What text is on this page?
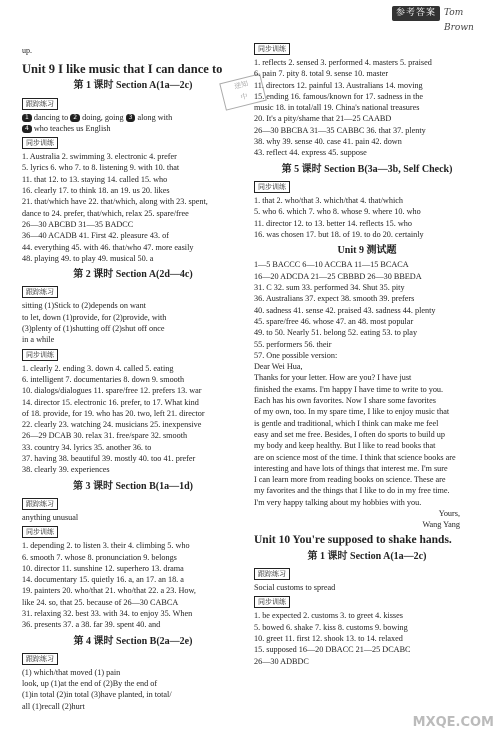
参考答案 Tom Brown
up.
逆知
中
Unit 9 I like music that I can dance to
第 1 课时 Section A(1a—2c)
跟踪练习
1 dancing to 2 doing, going 3 along with
4 who teaches us English
同步训练
1. Australia 2. swimming 3. electronic 4. prefer
5. lyrics 6. who 7. to 8. listening 9. with 10. that
11. that 12. to 13. staying 14. called 15. who
16. clearly 17. to think 18. an 19. us 20. likes
21. that/which have 22. that/which, along with 23. spent,
dance to 24. prefer, that/which, relax 25. spare/free
26—30 ABCBD 31—35 BADCC
36—40 ACADB 41. First 42. pleasure 43. of
44. everything 45. with 46. that/who 47. more easily
48. playing 49. to play 49. musical 50. a
第 2 课时 Section A(2d—4c)
跟踪练习
sitting (1)Stick to (2)depends on want
to let, down (1)provide, for (2)provide, with
(3)plenty of (1)shutting off (2)shut off once
in a while
同步训练
1. clearly 2. ending 3. down 4. called 5. eating
6. intelligent 7. documentaries 8. down 9. smooth
10. dialogs/dialogues 11. spare/free 12. prefers 13. war
14. director 15. electronic 16. prefer, to 17. What kind
of 18. provide, for 19. who has 20. two, left 21. director
22. clearly 23. watching 24. musicians 25. inexpensive
26—29 DCAB 30. relax 31. free/spare 32. smooth
33. country 34. lyrics 35. another 36. to
37. having 38. beautiful 39. mostly 40. too 41. prefer
38. clearly 39. experiences
第 3 课时 Section B(1a—1d)
跟踪练习
anything unusual
同步训练
1. depending 2. to listen 3. their 4. climbing 5. who
6. smooth 7. whose 8. pronunciation 9. belongs
10. director 11. sunshine 12. superhero 13. drama
14. documentary 15. quietly 16. a, an 17. an 18. a
19. painters 20. who/that 21. who/that 22. a 23. How,
like 24. so, that 25. because of 26—30 CABCA
31. relaxing 32. best 33. with 34. to enjoy 35. When
36. presents 37. a 38. far 39. spent 40. and
第 4 课时 Section B(2a—2e)
跟踪练习
(1) which/that moved (1) pain
look, up (1)at the end of (2)By the end of
(1)in total (2)in total (3)have planted, in total/
all (1)recall (2)hurt
同步训练
1. reflects 2. sensed 3. performed 4. masters 5. praised
6. pain 7. pity 8. total 9. sense 10. master
11. directors 12. painful 13. Australians 14. moving
15. ending 16. famous/known for 17. sadness in the
music 18. in total/all 19. China's national treasures
20. It's a pity/shame that 21—25 CAABD
26—30 BBCBA 31—35 CABBC 36. that 37. plenty
38. why 39. sense 40. case 41. pain 42. down
43. reflect 44. express 45. suppose
第 5 课时 Section B(3a—3b, Self Check)
同步训练
1. that 2. who/that 3. which/that 4. that/which
5. who 6. which 7. who 8. whose 9. where 10. who
11. director 12. to 13. better 14. reflects 15. who
16. was chosen 17. but 18. of 19. to do 20. certainly
Unit 9 测试题
1—5 BACCC 6—10 ACCBA 11—15 BCACA
16—20 ADCDA 21—25 CBBBD 26—30 BBEDA
31. C 32. sum 33. performed 34. Shut 35. pity
36. Australians 37. expect 38. smooth 39. prefers
40. sadness 41. sense 42. praised 43. sadness 44. plenty
45. spare/free 46. whose 47. an 48. most popular
49. to 50. Nearly 51. belong 52. eating 53. to play
55. performers 56. their
57. One possible version:
Dear Wei Hua,
Thanks for your letter. How are you? I have just
finished the exams. I'm happy I have time to write to you.
Each has his own favorites. Now I share some favorites
of my own, too. In my spare time, I like to enjoy music that
is gentle and traditional, which I think can make me feel
easy and set me free. Besides, I often do sports to build up
my body and keep healthy. But I like to read books that
are on science most of the time. I think that science books are
interesting and have lots of things that interest me. I'm sure
I can learn more from reading books on science. These are
my favorites and the things that I like to do in my free time.
I'm very happy talking about my hobbies with you.
Yours,
Wang Yang
Unit 10 You're supposed to shake hands.
第 1 课时 Section A(1a—2c)
跟踪练习
Social customs to spread
同步训练
1. be expected 2. customs 3. to greet 4. kisses
5. bowed 6. shake 7. kiss 8. customs 9. bowing
10. greet 11. first 12. shook 13. to 14. relaxed
15. supposed 16—20 DBACC 21—25 DCABC
26—30 ADBDC
MXQE.COM
